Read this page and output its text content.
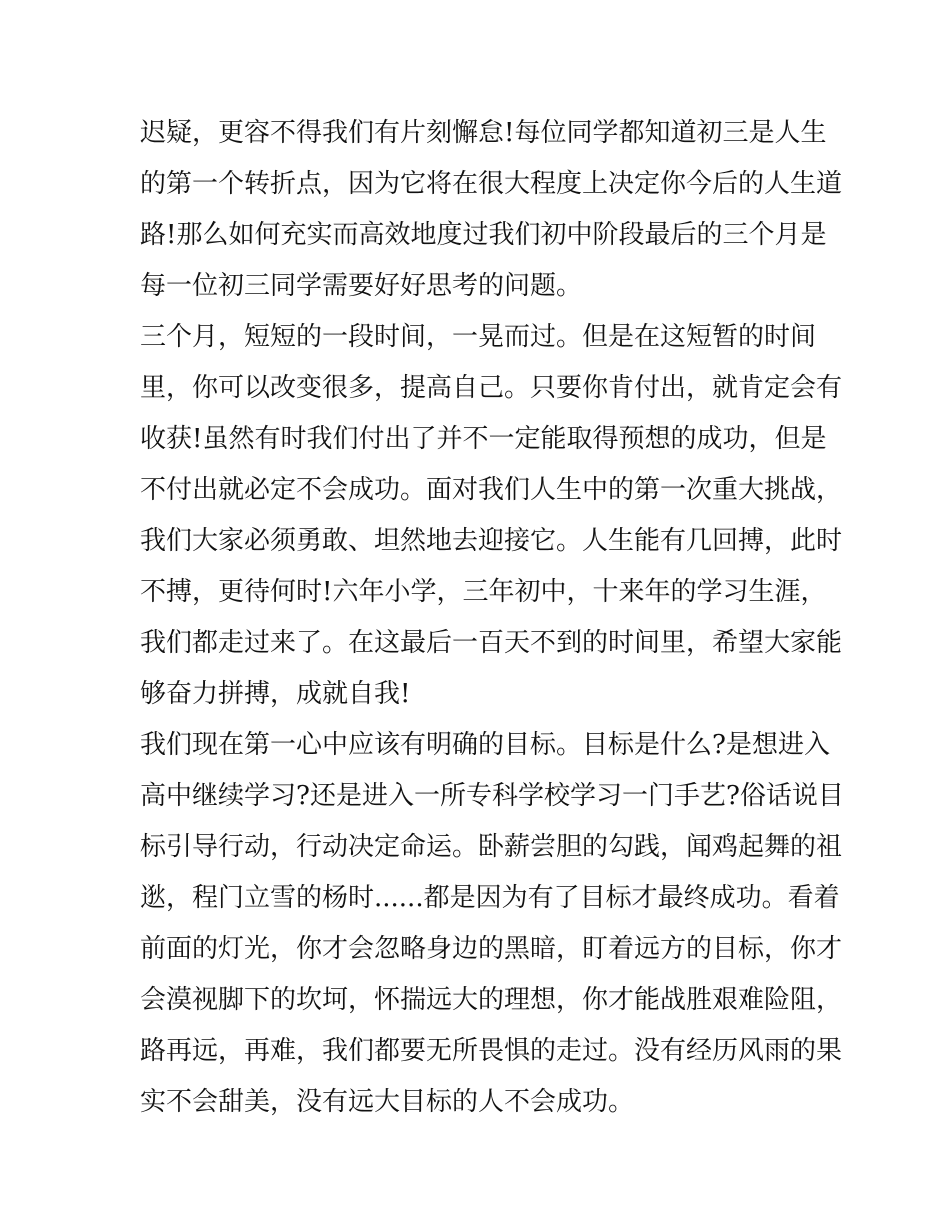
迟疑，更容不得我们有片刻懈怠!每位同学都知道初三是人生
的第一个转折点，因为它将在很大程度上决定你今后的人生道
路!那么如何充实而高效地度过我们初中阶段最后的三个月是
每一位初三同学需要好好思考的问题。
三个月，短短的一段时间，一晃而过。但是在这短暂的时间
里，你可以改变很多，提高自己。只要你肯付出，就肯定会有
收获!虽然有时我们付出了并不一定能取得预想的成功，但是
不付出就必定不会成功。面对我们人生中的第一次重大挑战，
我们大家必须勇敢、坦然地去迎接它。人生能有几回搏，此时
不搏，更待何时!六年小学，三年初中，十来年的学习生涯，
我们都走过来了。在这最后一百天不到的时间里，希望大家能
够奋力拼搏，成就自我!
我们现在第一心中应该有明确的目标。目标是什么?是想进入
高中继续学习?还是进入一所专科学校学习一门手艺?俗话说目
标引导行动，行动决定命运。卧薪尝胆的勾践，闻鸡起舞的祖
逖，程门立雪的杨时......都是因为有了目标才最终成功。看着
前面的灯光，你才会忽略身边的黑暗，盯着远方的目标，你才
会漠视脚下的坎坷，怀揣远大的理想，你才能战胜艰难险阻，
路再远，再难，我们都要无所畏惧的走过。没有经历风雨的果
实不会甜美，没有远大目标的人不会成功。
